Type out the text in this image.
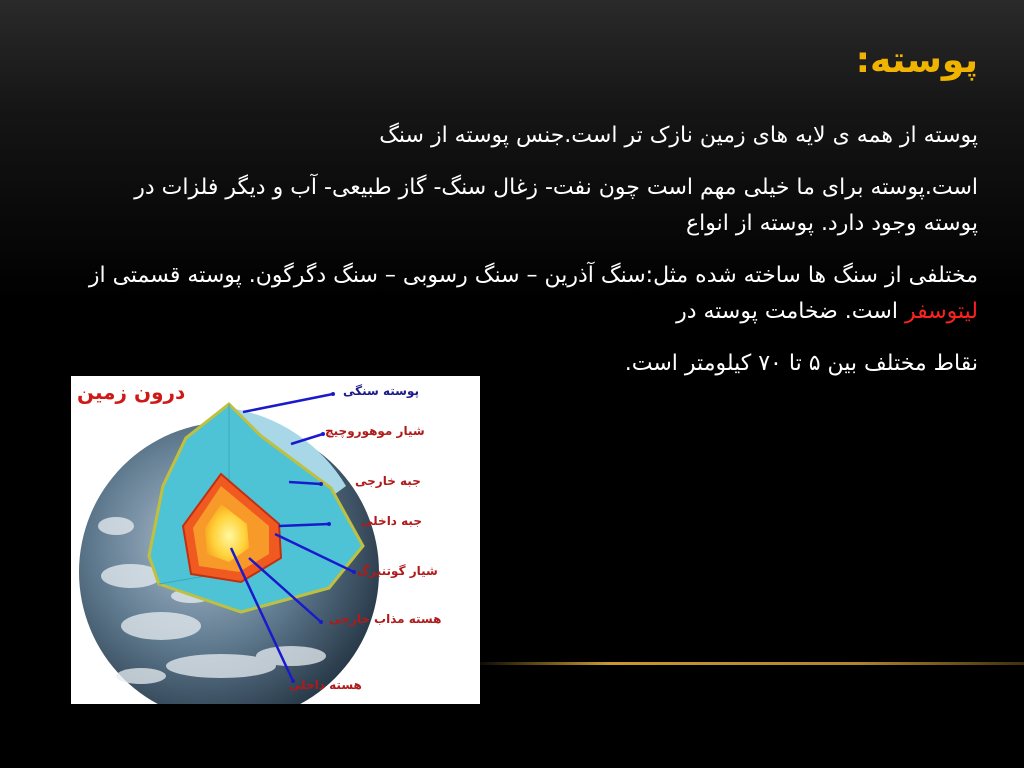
پوسته:

پوسته از همه ی لایه های زمین نازک تر است.جنس پوسته از سنگ

است.پوسته برای ما خیلی مهم است چون نفت- زغال سنگ- گاز طبیعی- آب و دیگر فلزات در پوسته وجود دارد. پوسته از انواع

مختلفی از سنگ ها ساخته شده مثل:سنگ آذرین – سنگ رسوبی – سنگ دگرگون. پوسته قسمتی از لیتوسفر است. ضخامت پوسته در

نقاط مختلف بین ۵ تا ۷۰ کیلومتر است.

درون زمین	پوسته سنگی
شیار موهوروچیچ
جبه خارجی
جبه داخلی
شیار گوتنبرگ
هسته مذاب خارجی
هسته داخلی
